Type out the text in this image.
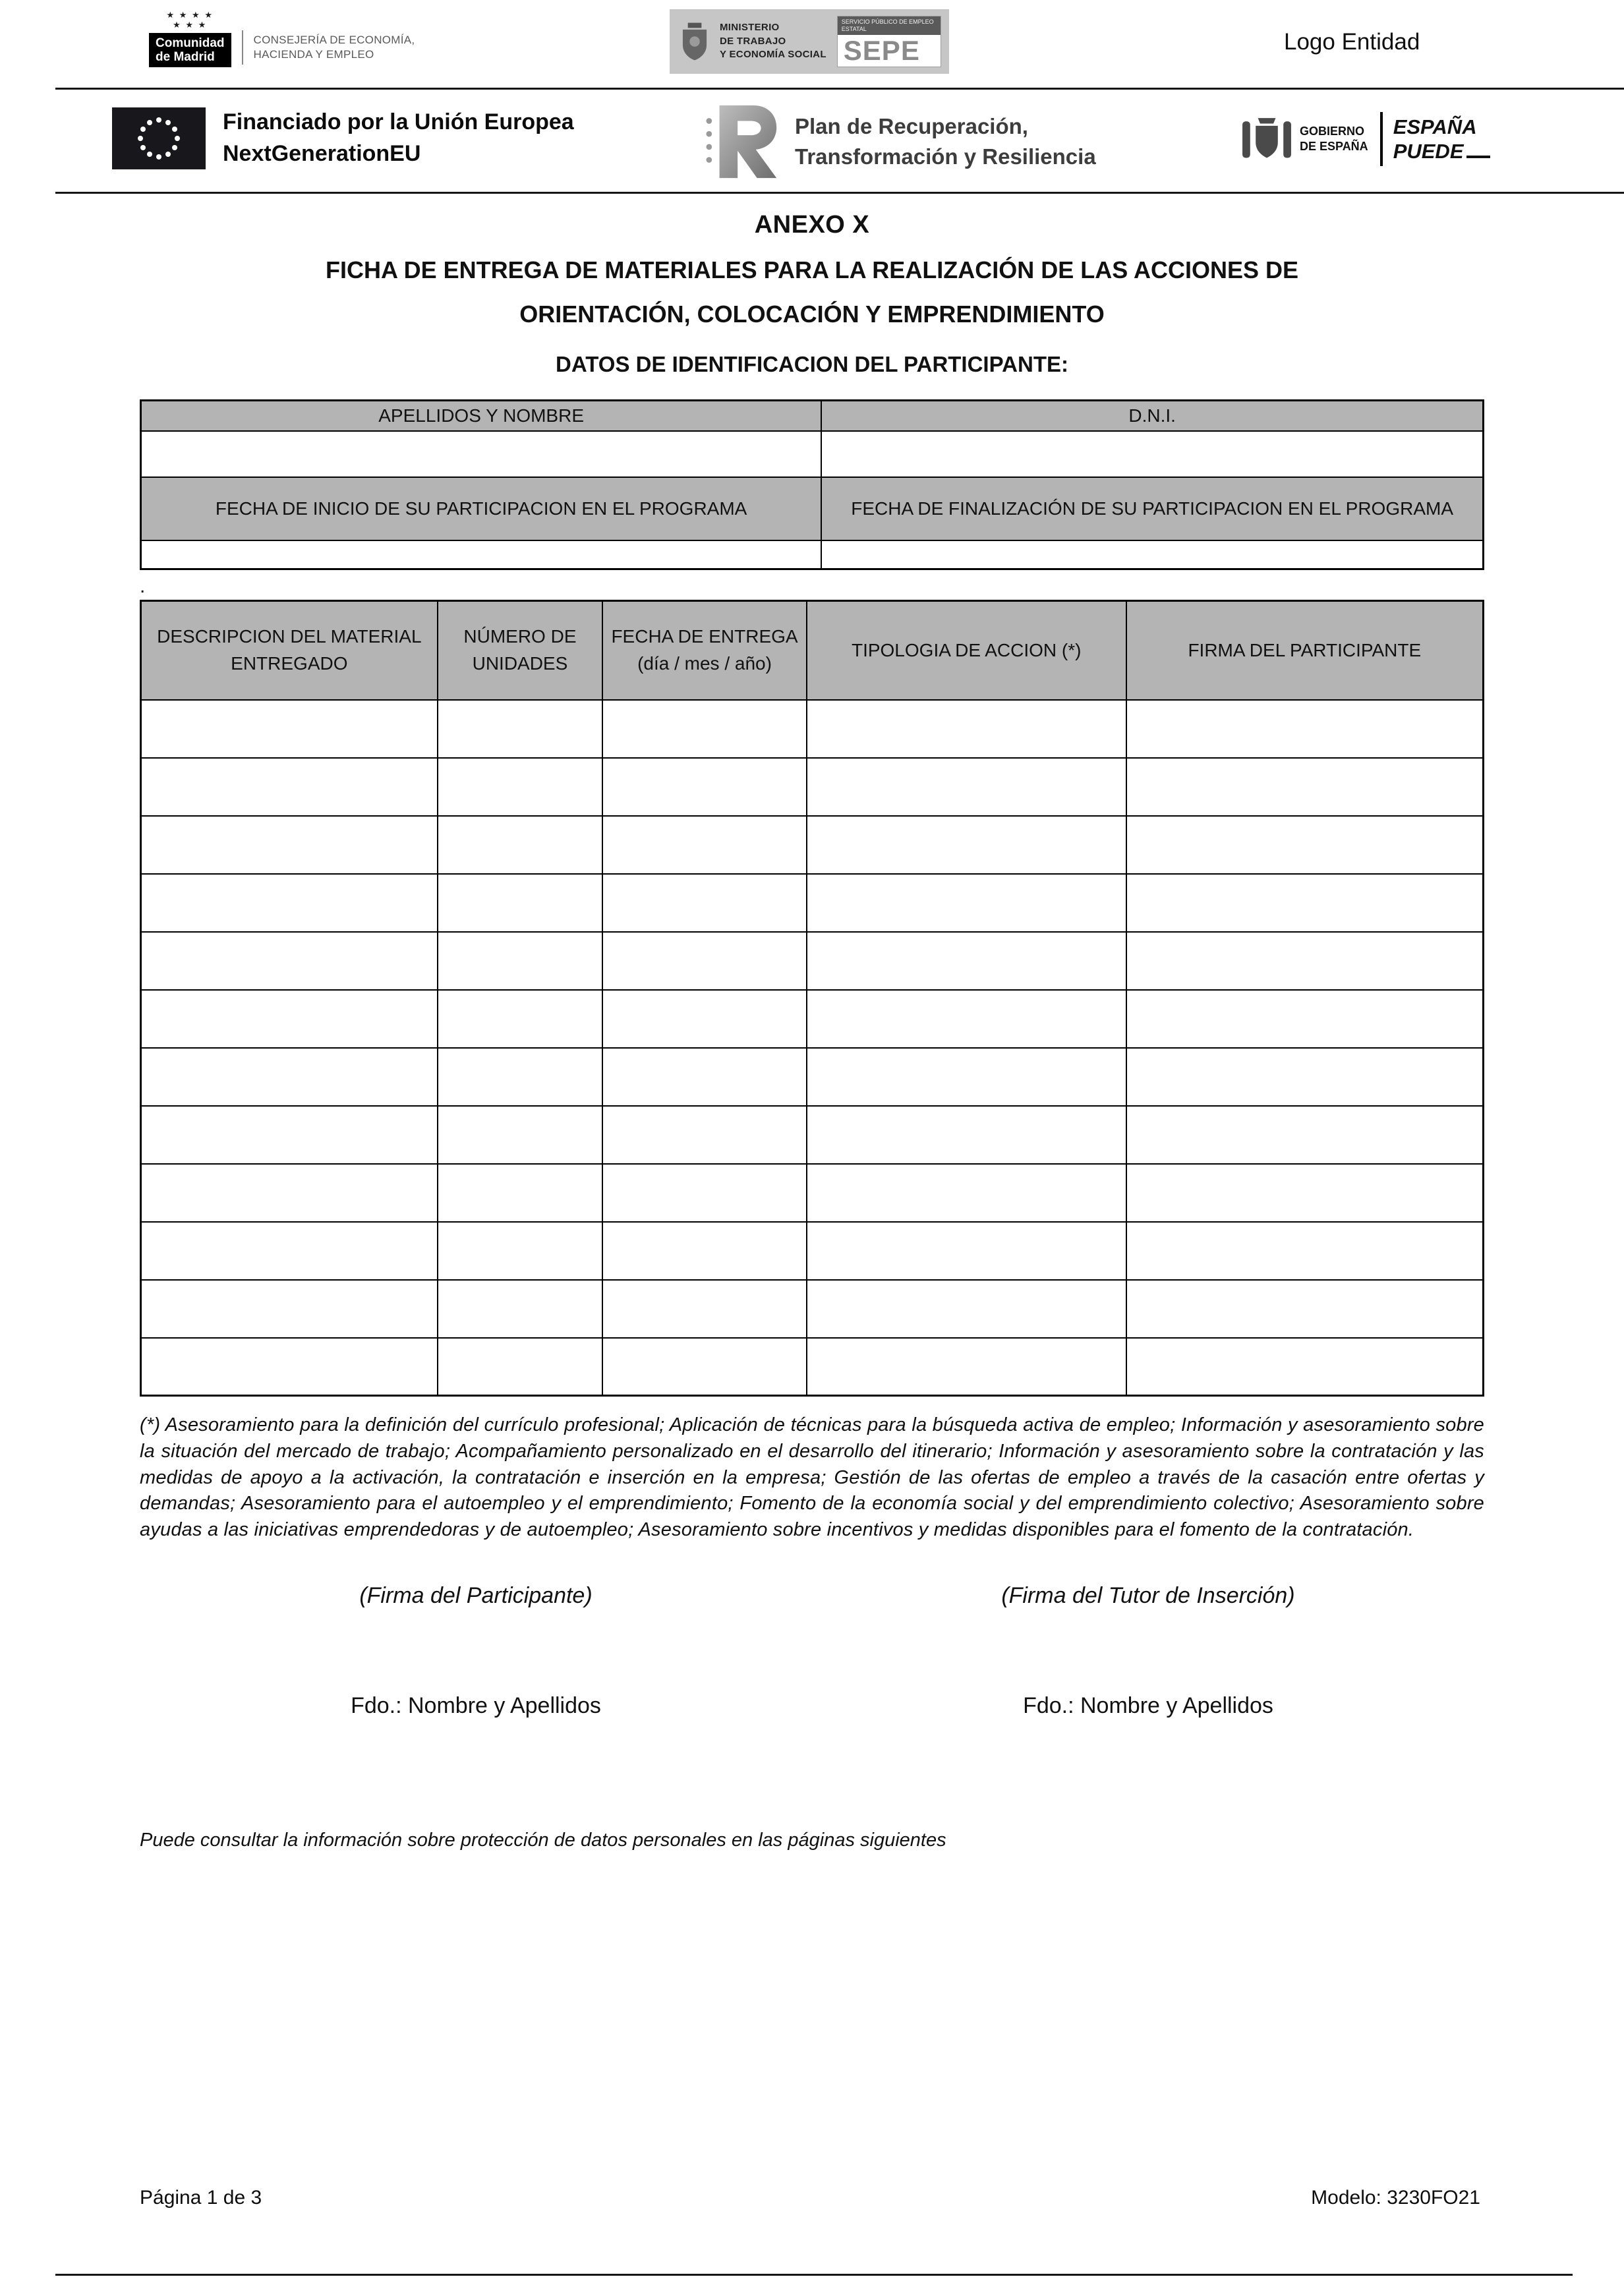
★ ★ ★ ★
★ ★ ★
Comunidad
de Madrid
CONSEJERÍA DE ECONOMÍA,
HACIENDA Y EMPLEO
MINISTERIO
DE TRABAJO
Y ECONOMÍA SOCIAL
SERVICIO PÚBLICO DE EMPLEO ESTATAL
SEPE	Logo Entidad
Financiado por la Unión Europea
NextGenerationEU
Plan de Recuperación,
Transformación y Resiliencia
GOBIERNO
DE ESPAÑA
ESPAÑA
PUEDE
ANEXO X
FICHA DE ENTREGA DE MATERIALES PARA LA REALIZACIÓN DE LAS ACCIONES DE
ORIENTACIÓN, COLOCACIÓN Y EMPRENDIMIENTO
DATOS DE IDENTIFICACION DEL PARTICIPANTE:
APELLIDOS Y NOMBRE	D.N.I.

FECHA DE INICIO DE SU PARTICIPACION EN EL PROGRAMA	FECHA DE FINALIZACIÓN DE SU PARTICIPACION EN EL PROGRAMA

.
DESCRIPCION DEL MATERIAL ENTREGADO	NÚMERO DE UNIDADES	FECHA DE ENTREGA (día / mes / año)	TIPOLOGIA DE ACCION (*)	FIRMA DEL PARTICIPANTE

(*) Asesoramiento para la definición del currículo profesional; Aplicación de técnicas para la búsqueda activa de empleo; Información y asesoramiento sobre la situación del mercado de trabajo; Acompañamiento personalizado en el desarrollo del itinerario; Información y asesoramiento sobre la contratación y las medidas de apoyo a la activación, la contratación e inserción en la empresa; Gestión de las ofertas de empleo a través de la casación entre ofertas y demandas; Asesoramiento para el autoempleo y el emprendimiento; Fomento de la economía social y del emprendimiento colectivo; Asesoramiento sobre ayudas a las iniciativas emprendedoras y de autoempleo; Asesoramiento sobre incentivos y medidas disponibles para el fomento de la contratación.

(Firma del Participante)	(Firma del Tutor de Inserción)
Fdo.: Nombre y Apellidos	Fdo.: Nombre y Apellidos

Puede consultar la información sobre protección de datos personales en las páginas siguientes

Página 1 de 3	Modelo: 3230FO21
